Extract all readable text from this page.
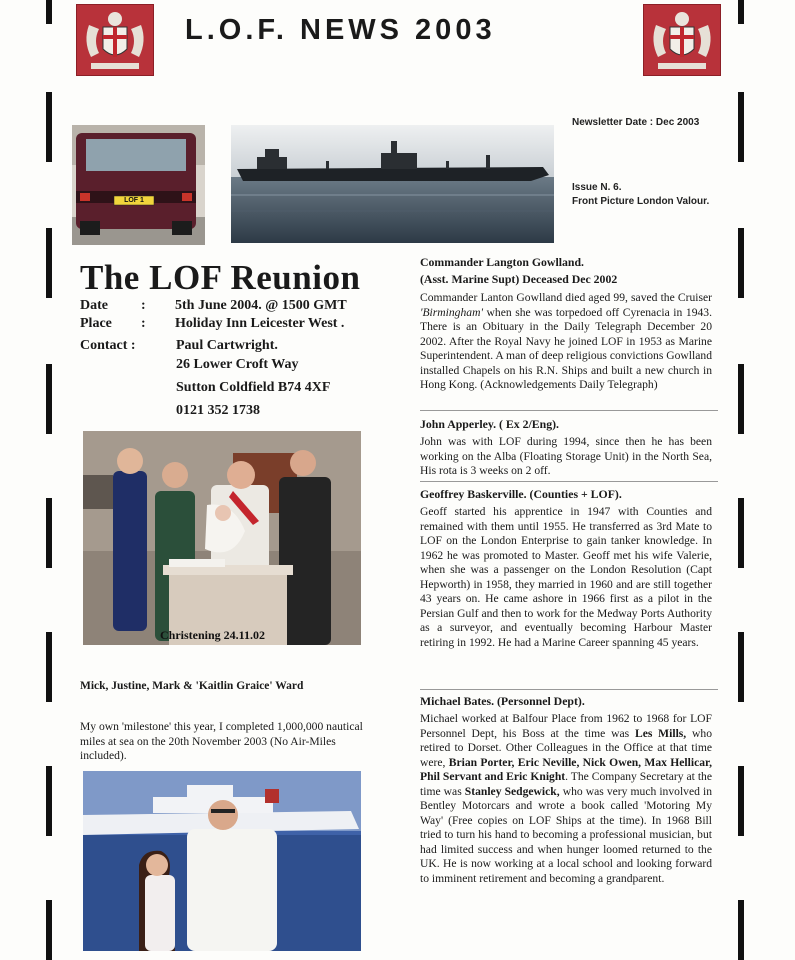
L.O.F. NEWS 2003
Newsletter Date : Dec 2003
Issue N. 6.
Front Picture London Valour.
LOF 1
The LOF Reunion
Date : 5th June 2004. @ 1500 GMT
Place : Holiday Inn Leicester West .
Contact :	Paul Cartwright.
26 Lower Croft Way
Sutton Coldfield B74 4XF
0121 352 1738
Christening 24.11.02
Mick, Justine, Mark & 'Kaitlin Graice' Ward
My own 'milestone' this year, I completed 1,000,000 nautical miles at sea on the 20th November 2003 (No Air-Miles included).
Commander Langton Gowlland.
(Asst. Marine Supt) Deceased Dec 2002
Commander Lanton Gowlland died aged 99, saved the Cruiser 'Birmingham' when she was torpedoed off Cyrenacia in 1943. There is an Obituary in the Daily Telegraph December 20 2002. After the Royal Navy he joined LOF in 1953 as Marine Superintendent. A man of deep religious convictions Gowlland installed Chapels on his R.N. Ships and built a new church in Hong Kong. (Acknowledgements Daily Telegraph)
John Apperley. ( Ex 2/Eng).
John was with LOF during 1994, since then he has been working on the Alba (Floating Storage Unit) in the North Sea, His rota is 3 weeks on 2 off.
Geoffrey Baskerville. (Counties + LOF).
Geoff started his apprentice in 1947 with Counties and remained with them until 1955. He transferred as 3rd Mate to LOF on the London Enterprise to gain tanker knowledge. In 1962 he was promoted to Master. Geoff met his wife Valerie, when she was a passenger on the London Resolution (Capt Hepworth) in 1958, they married in 1960 and are still together 43 years on. He came ashore in 1966 first as a pilot in the Persian Gulf and then to work for the Medway Ports Authority as a surveyor, and eventually becoming Harbour Master retiring in 1992. He had a Marine Career spanning 45 years.
Michael Bates. (Personnel Dept).
Michael worked at Balfour Place from 1962 to 1968 for LOF Personnel Dept, his Boss at the time was Les Mills, who retired to Dorset. Other Colleagues in the Office at that time were, Brian Porter, Eric Neville, Nick Owen, Max Hellicar, Phil Servant and Eric Knight. The Company Secretary at the time was Stanley Sedgewick, who was very much involved in Bentley Motorcars and wrote a book called 'Motoring My Way' (Free copies on LOF Ships at the time). In 1968 Bill tried to turn his hand to becoming a professional musician, but had limited success and when hunger loomed returned to the UK. He is now working at a local school and looking forward to imminent retirement and becoming a grandparent.
